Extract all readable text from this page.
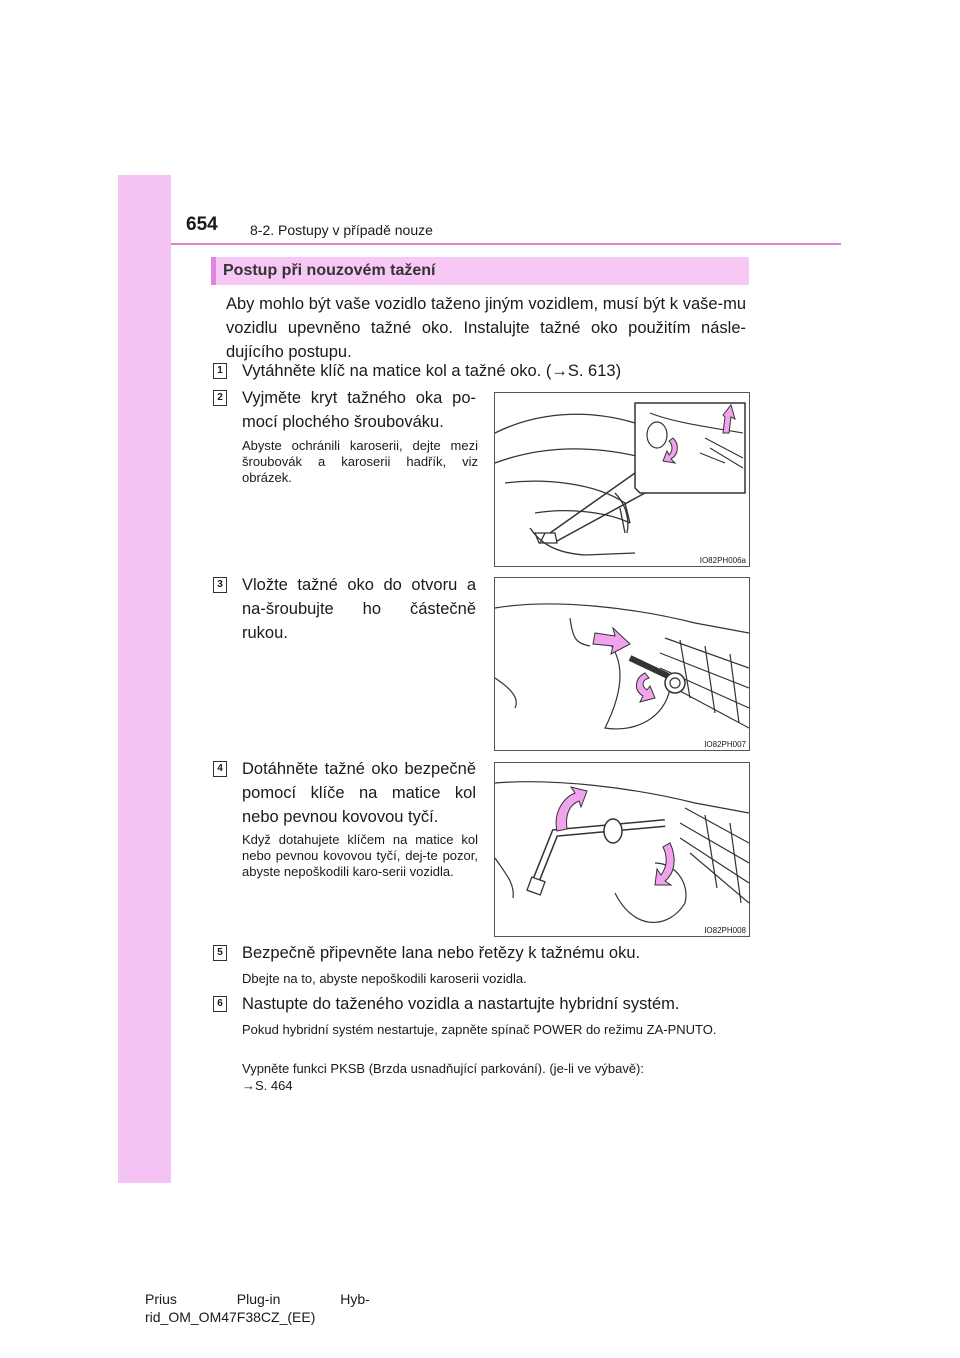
654 8-2. Postupy v případě nouze
Postup při nouzovém tažení
Aby mohlo být vaše vozidlo taženo jiným vozidlem, musí být k vaše-mu vozidlu upevněno tažné oko. Instalujte tažné oko použitím násle-dujícího postupu.
1 Vytáhněte klíč na matice kol a tažné oko. (→S. 613)
2 Vyjměte kryt tažného oka po-mocí plochého šroubováku.
Abyste ochránili karoserii, dejte mezi šroubovák a karoserii hadřík, viz obrázek.
IO82PH006a
3 Vložte tažné oko do otvoru a na-šroubujte ho částečně rukou.
IO82PH007
4 Dotáhněte tažné oko bezpečně pomocí klíče na matice kol nebo pevnou kovovou tyčí.
Když dotahujete klíčem na matice kol nebo pevnou kovovou tyčí, dej-te pozor, abyste nepoškodili karo-serii vozidla.
IO82PH008
5 Bezpečně připevněte lana nebo řetězy k tažnému oku.
Dbejte na to, abyste nepoškodili karoserii vozidla.
6 Nastupte do taženého vozidla a nastartujte hybridní systém.
Pokud hybridní systém nestartuje, zapněte spínač POWER do režimu ZA-PNUTO.
Vypněte funkci PKSB (Brzda usnadňující parkování). (je-li ve výbavě):
→S. 464
Prius Plug-in Hyb-
rid_OM_OM47F38CZ_(EE)
